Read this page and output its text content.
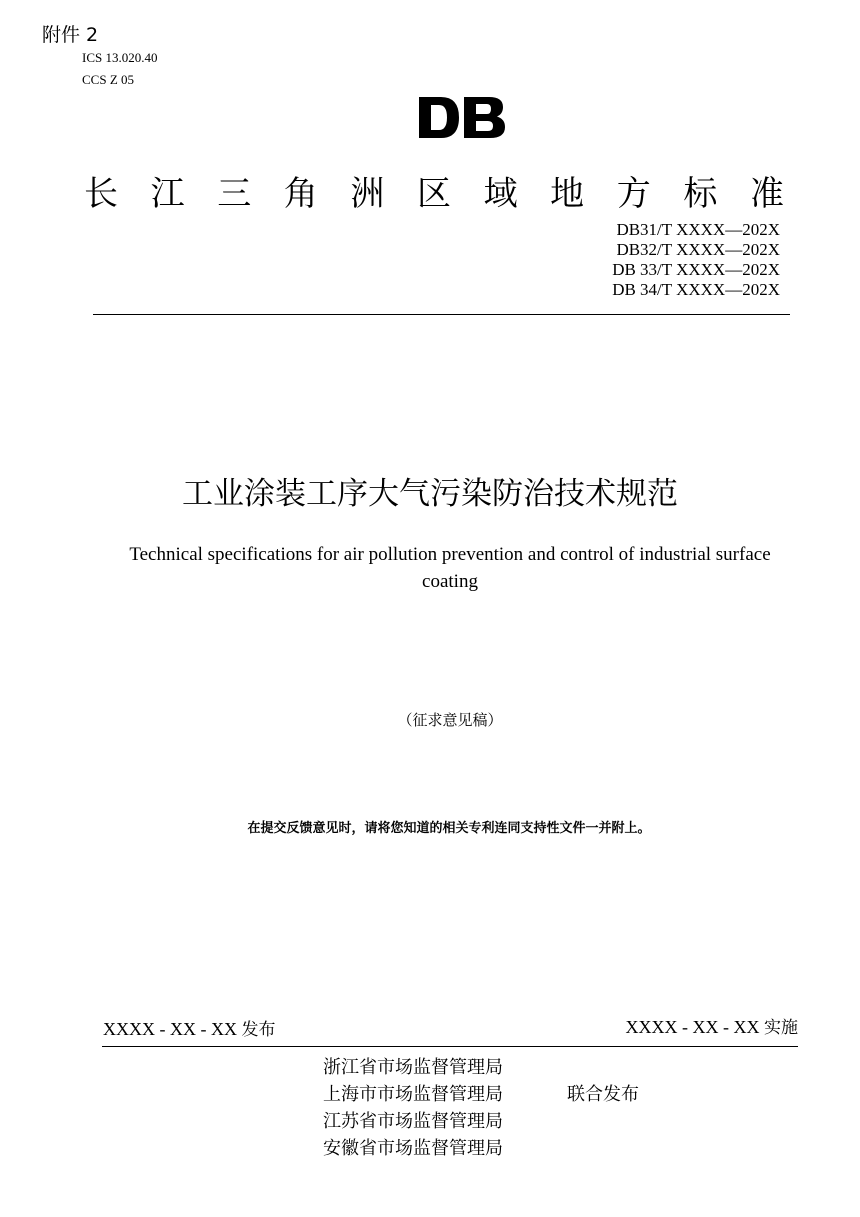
附件 2
ICS 13.020.40
CCS Z 05
长 江 三 角 洲 区 域 地 方 标 准
DB31/T XXXX—202X
DB32/T XXXX—202X
DB 33/T XXXX—202X
DB 34/T XXXX—202X
工业涂装工序大气污染防治技术规范
Technical specifications for air pollution prevention and control of industrial surface
coating
（征求意见稿）
在提交反馈意见时，请将您知道的相关专利连同支持性文件一并附上。
XXXX - XX - XX 发布	XXXX - XX - XX 实施
浙江省市场监督管理局
上海市市场监督管理局
江苏省市场监督管理局
安徽省市场监督管理局
联合发布
